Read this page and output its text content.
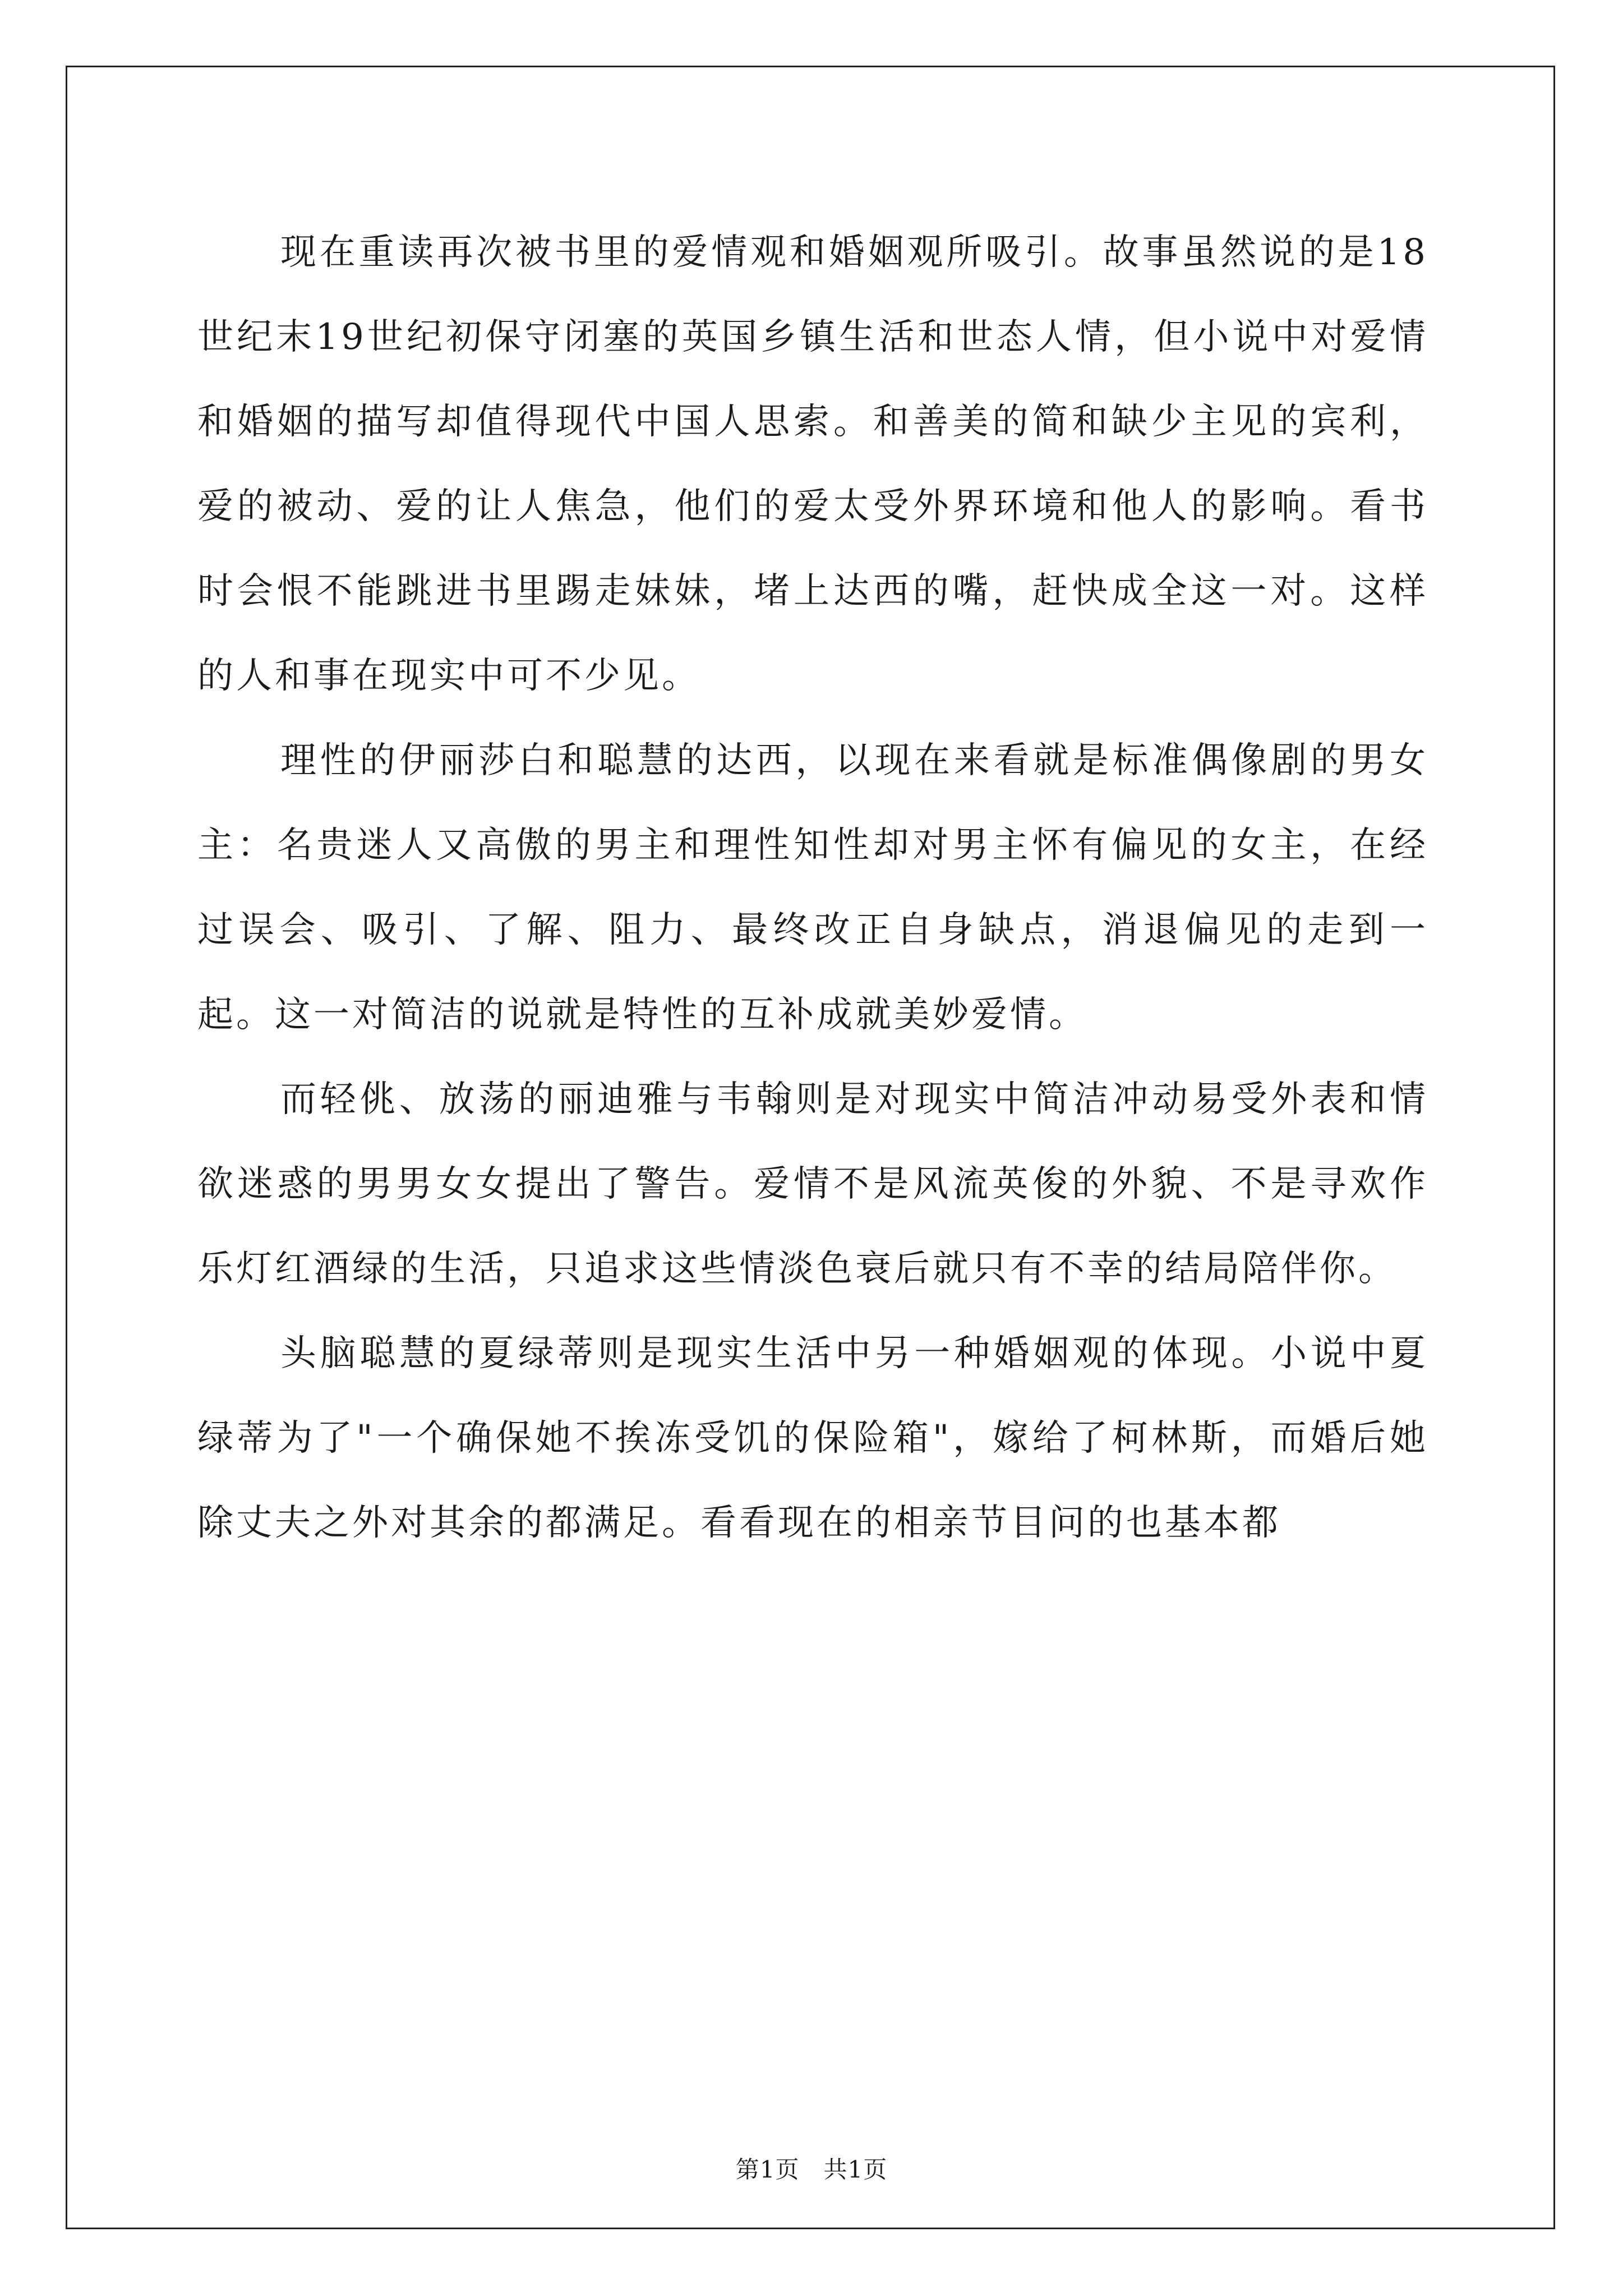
现在重读再次被书里的爱情观和婚姻观所吸引。故事虽然说的是18世纪末19世纪初保守闭塞的英国乡镇生活和世态人情，但小说中对爱情和婚姻的描写却值得现代中国人思索。和善美的简和缺少主见的宾利，爱的被动、爱的让人焦急，他们的爱太受外界环境和他人的影响。看书时会恨不能跳进书里踢走妹妹，堵上达西的嘴，赶快成全这一对。这样的人和事在现实中可不少见。

理性的伊丽莎白和聪慧的达西，以现在来看就是标准偶像剧的男女主：名贵迷人又高傲的男主和理性知性却对男主怀有偏见的女主，在经过误会、吸引、了解、阻力、最终改正自身缺点，消退偏见的走到一起。这一对简洁的说就是特性的互补成就美妙爱情。

而轻佻、放荡的丽迪雅与韦翰则是对现实中简洁冲动易受外表和情欲迷惑的男男女女提出了警告。爱情不是风流英俊的外貌、不是寻欢作乐灯红酒绿的生活，只追求这些情淡色衰后就只有不幸的结局陪伴你。

头脑聪慧的夏绿蒂则是现实生活中另一种婚姻观的体现。小说中夏绿蒂为了"一个确保她不挨冻受饥的保险箱"，嫁给了柯林斯，而婚后她除丈夫之外对其余的都满足。看看现在的相亲节目问的也基本都

第1页 共1页
